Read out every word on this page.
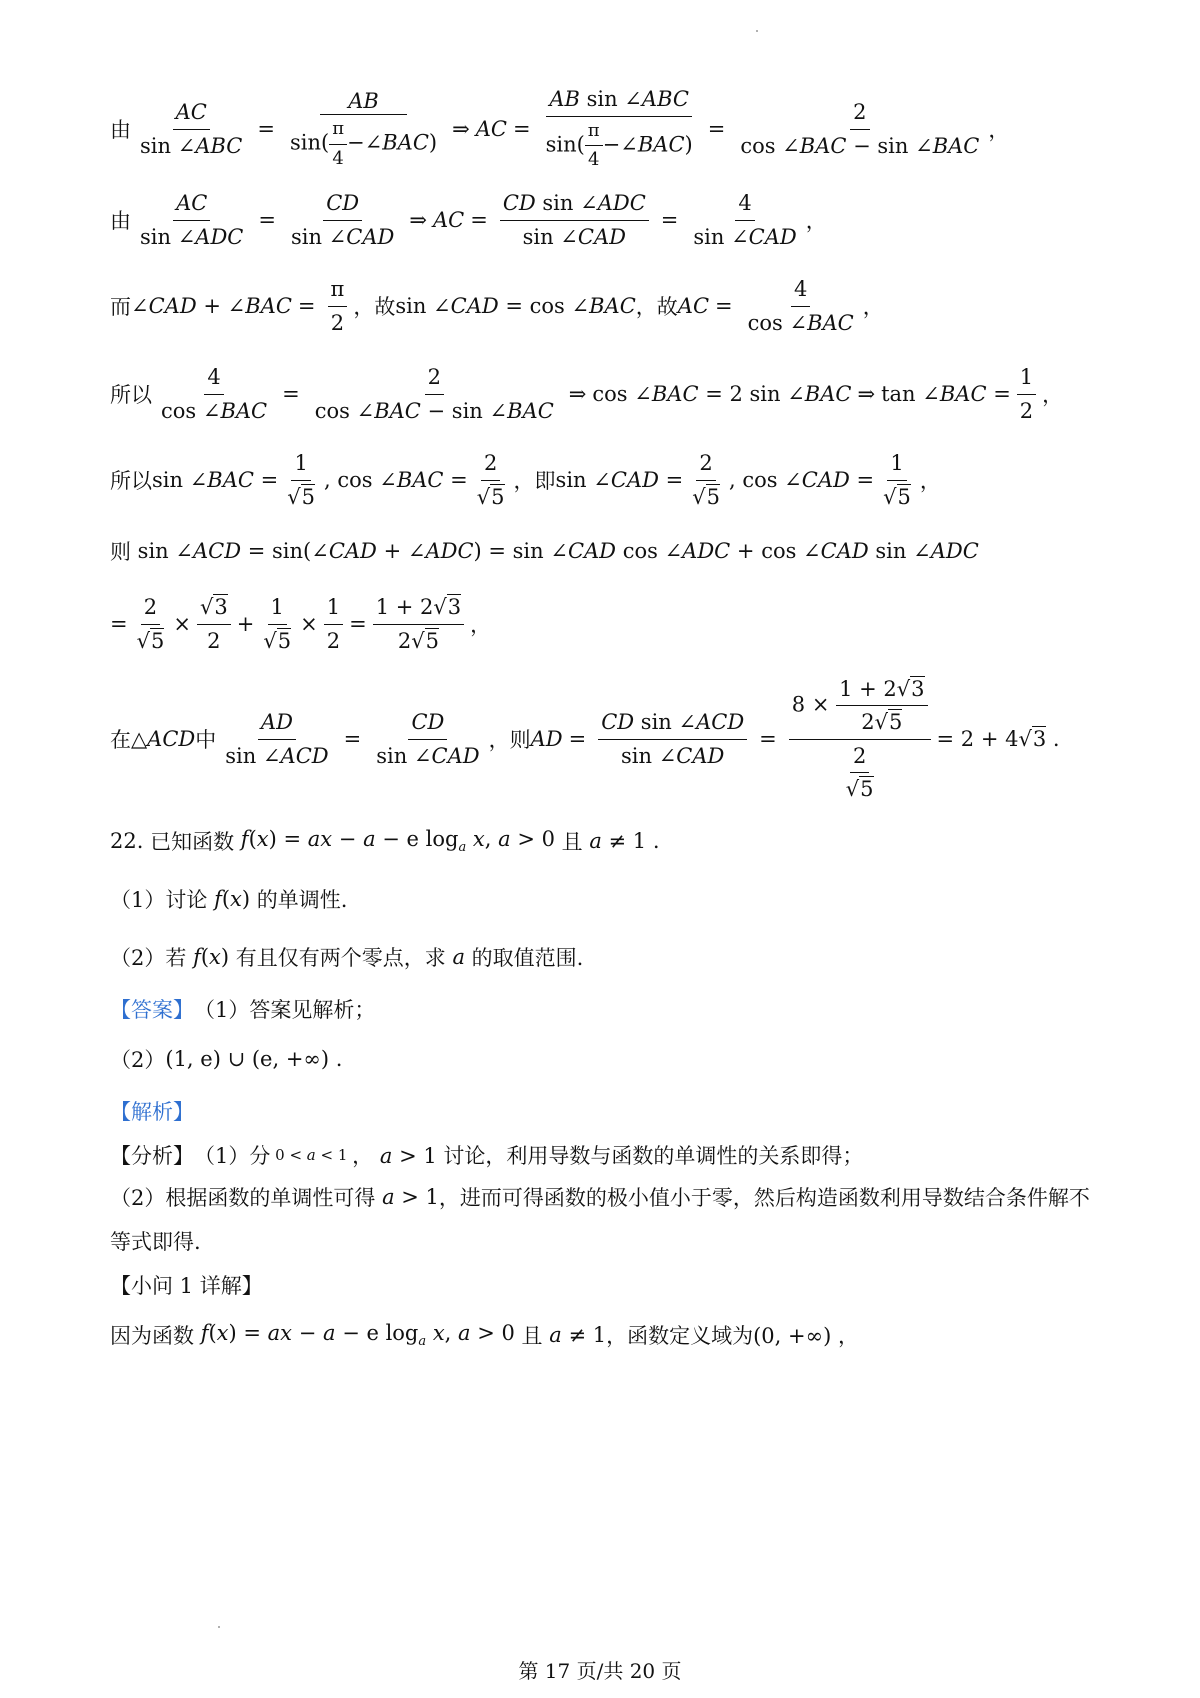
由 $\frac{AC}{\text{sin ∠ABC}} = \frac{AB}{\sin( \frac{\pi}{4} -\angle BAC)}$ ⇒ AC = $\frac{\text{AB sin ∠ABC}}{\sin( \frac{\pi}{4} -\angle BAC)} = \frac{2}{\text{cos ∠BAC − sin ∠BAC}}$ ，
由 $\frac{AC}{\text{sin ∠ADC}} = \frac{CD}{\text{sin ∠CAD}}$ ⇒ AC = $\frac{\text{CD sin ∠ADC}}{\text{sin ∠CAD}} = \frac{4}{\text{sin ∠CAD}}$ ，
而 ∠CAD + ∠BAC = $\frac{\pi}{2}$ ，故 sin ∠CAD = cos ∠BAC ，故 AC = $\frac{4}{\text{cos ∠BAC}}$ ，
所以 $\frac{4}{\text{cos ∠BAC}} = \frac{2}{\text{cos ∠BAC − sin ∠BAC}}$ ⇒ cos ∠BAC = 2 sin ∠BAC ⇒ tan ∠BAC = $\frac{1}{2}$ ，
所以 sin ∠BAC = 1
√ 5 , cos ∠BAC = 2
√ 5 ，即 sin ∠CAD = 2
√ 5 , cos ∠CAD = 1
√ 5 ，
则 sin ∠ACD = sin(∠CAD + ∠ADC) = sin ∠CAD cos ∠ADC + cos ∠CAD sin ∠ADC
= 2
√ 5 × √ $\frac{3}{2} + 1$
√ $5 \times \frac{1}{2} = \frac{1 + 2 √ 3}{2 √ 5}$ ，
在 △ ACD 中 $\frac{AD}{\text{sin ∠ACD}} = \frac{CD}{\text{sin ∠CAD}}$ ，则 AD = $\frac{\text{CD sin ∠ACD}}{\text{sin ∠CAD}} = 8 \times \frac{1 + 2 √ 3}{2 √ 5}$
2
√ 5 = 2 + 4 √ 3 .
22.
已知函数 f(x) = ax − a − e $\log_a x$, a > 0 且 a ≠ 1 .
（1）讨论 f(x) 的单调性.
（2）若 f(x) 有且仅有两个零点，求 a 的取值范围.
【答案】 （1）答案见解析；
（2） (1, e) ∪ (e, +∞) .
【解析】
【分析】 （1）分 0 < a < 1 ， a > 1 讨论，利用导数与函数的单调性的关系即得；
（2）根据函数的单调性可得 a > 1 ，进而可得函数的极小值小于零，然后构造函数利用导数结合条件解不
等式即得.
【小问 1 详解】
因为函数 f(x) = ax − a − e $\log_a x$, a > 0 且 a ≠ 1 ，函数定义域为 (0, +∞) ，
第 17 页/共 20 页
